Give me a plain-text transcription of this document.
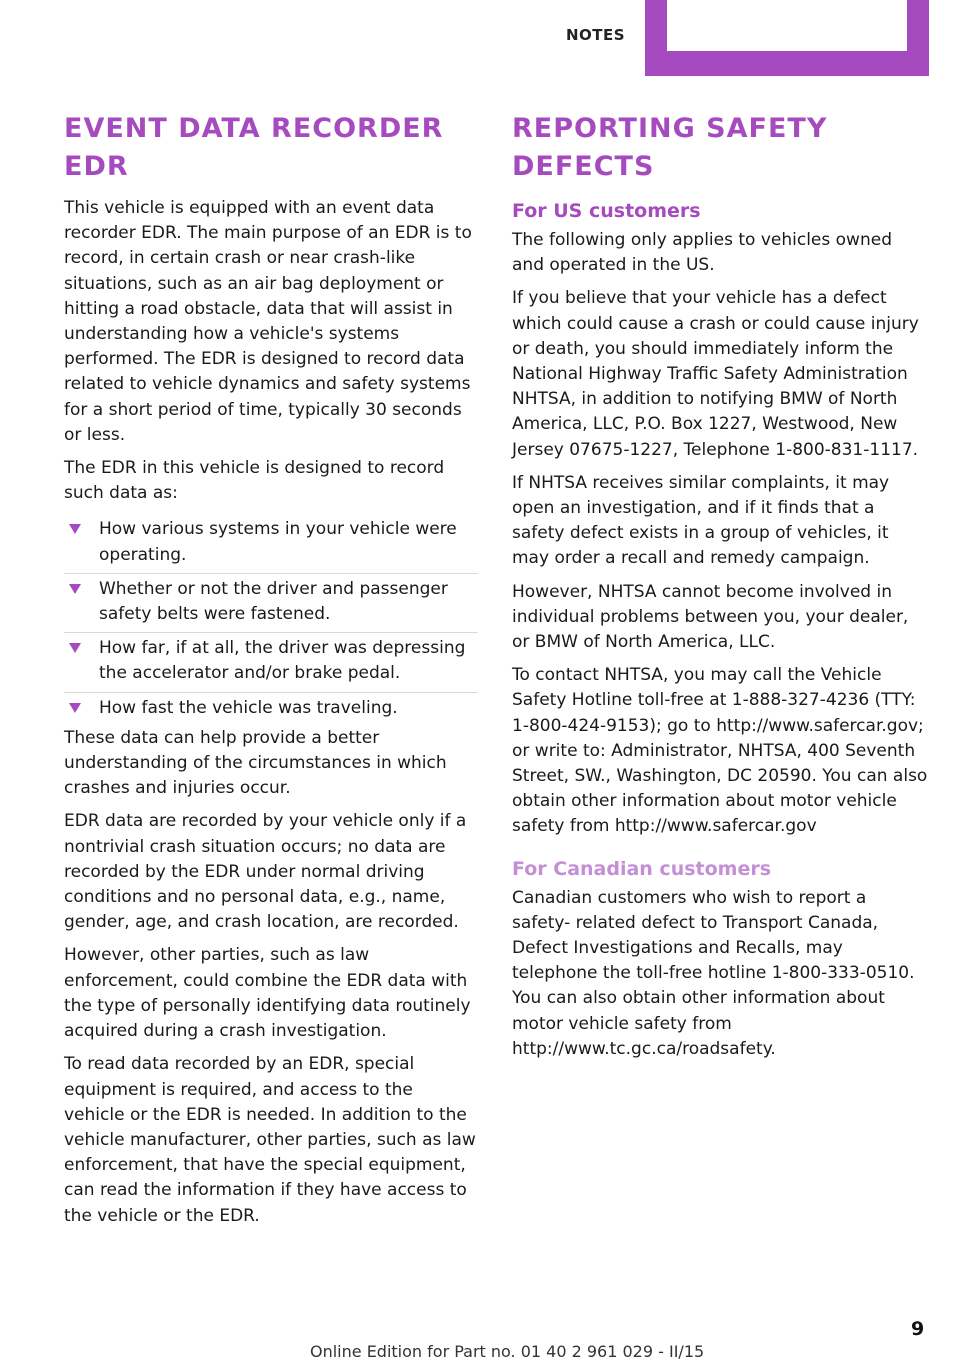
NOTES
EVENT DATA RECORDER EDR

This vehicle is equipped with an event data recorder EDR. The main purpose of an EDR is to record, in certain crash or near crash-like situations, such as an air bag deployment or hitting a road obstacle, data that will assist in understanding how a vehicle's systems performed. The EDR is designed to record data related to vehicle dynamics and safety systems for a short period of time, typically 30 seconds or less.

The EDR in this vehicle is designed to record such data as:

How various systems in your vehicle were operating.
Whether or not the driver and passenger safety belts were fastened.
How far, if at all, the driver was depressing the accelerator and/or brake pedal.
How fast the vehicle was traveling.

These data can help provide a better understanding of the circumstances in which crashes and injuries occur.

EDR data are recorded by your vehicle only if a nontrivial crash situation occurs; no data are recorded by the EDR under normal driving conditions and no personal data, e.g., name, gender, age, and crash location, are recorded.

However, other parties, such as law enforcement, could combine the EDR data with the type of personally identifying data routinely acquired during a crash investigation.

To read data recorded by an EDR, special equipment is required, and access to the vehicle or the EDR is needed. In addition to the vehicle manufacturer, other parties, such as law enforcement, that have the special equipment, can read the information if they have access to the vehicle or the EDR.

REPORTING SAFETY DEFECTS
For US customers

The following only applies to vehicles owned and operated in the US.

If you believe that your vehicle has a defect which could cause a crash or could cause injury or death, you should immediately inform the National Highway Traffic Safety Administration NHTSA, in addition to notifying BMW of North America, LLC, P.O. Box 1227, Westwood, New Jersey 07675-1227, Telephone 1-800-831-1117.

If NHTSA receives similar complaints, it may open an investigation, and if it finds that a safety defect exists in a group of vehicles, it may order a recall and remedy campaign.

However, NHTSA cannot become involved in individual problems between you, your dealer, or BMW of North America, LLC.

To contact NHTSA, you may call the Vehicle Safety Hotline toll-free at 1-888-327-4236 (TTY: 1-800-424-9153); go to http://www.safercar.gov; or write to: Administrator, NHTSA, 400 Seventh Street, SW., Washington, DC 20590. You can also obtain other information about motor vehicle safety from http://www.safercar.gov

For Canadian customers

Canadian customers who wish to report a safety- related defect to Transport Canada, Defect Investigations and Recalls, may telephone the toll-free hotline 1-800-333-0510. You can also obtain other information about motor vehicle safety from http://www.tc.gc.ca/roadsafety.

Online Edition for Part no. 01 40 2 961 029 - II/15
9
